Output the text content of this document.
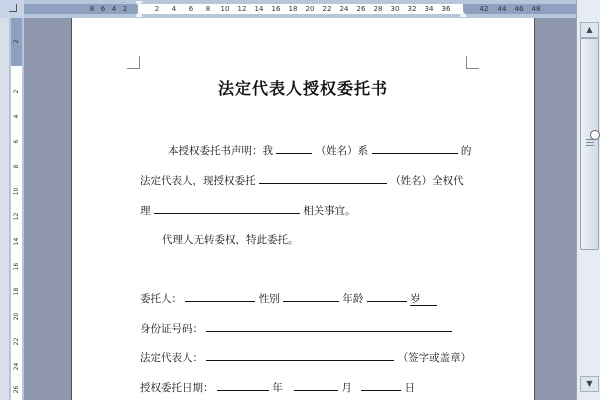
8 6 4 2	2 4 6 8 10 12 14 16 18 20 22 24 26 28 30 32 34 36	42 44 46 48
2
2
4
6
8
10
12
14
16
18
20
22
24
26
法定代表人授权委托书
本授权委托书声明：我	（姓名）系	的
法定代表人，现授权委托	（姓名）全权代
理	相关事宜。
代理人无转委权，特此委托。
委托人：	性别	年龄	岁
身份证号码：
法定代表人：	（签字或盖章）
授权委托日期：	年	月	日
▲
▼
